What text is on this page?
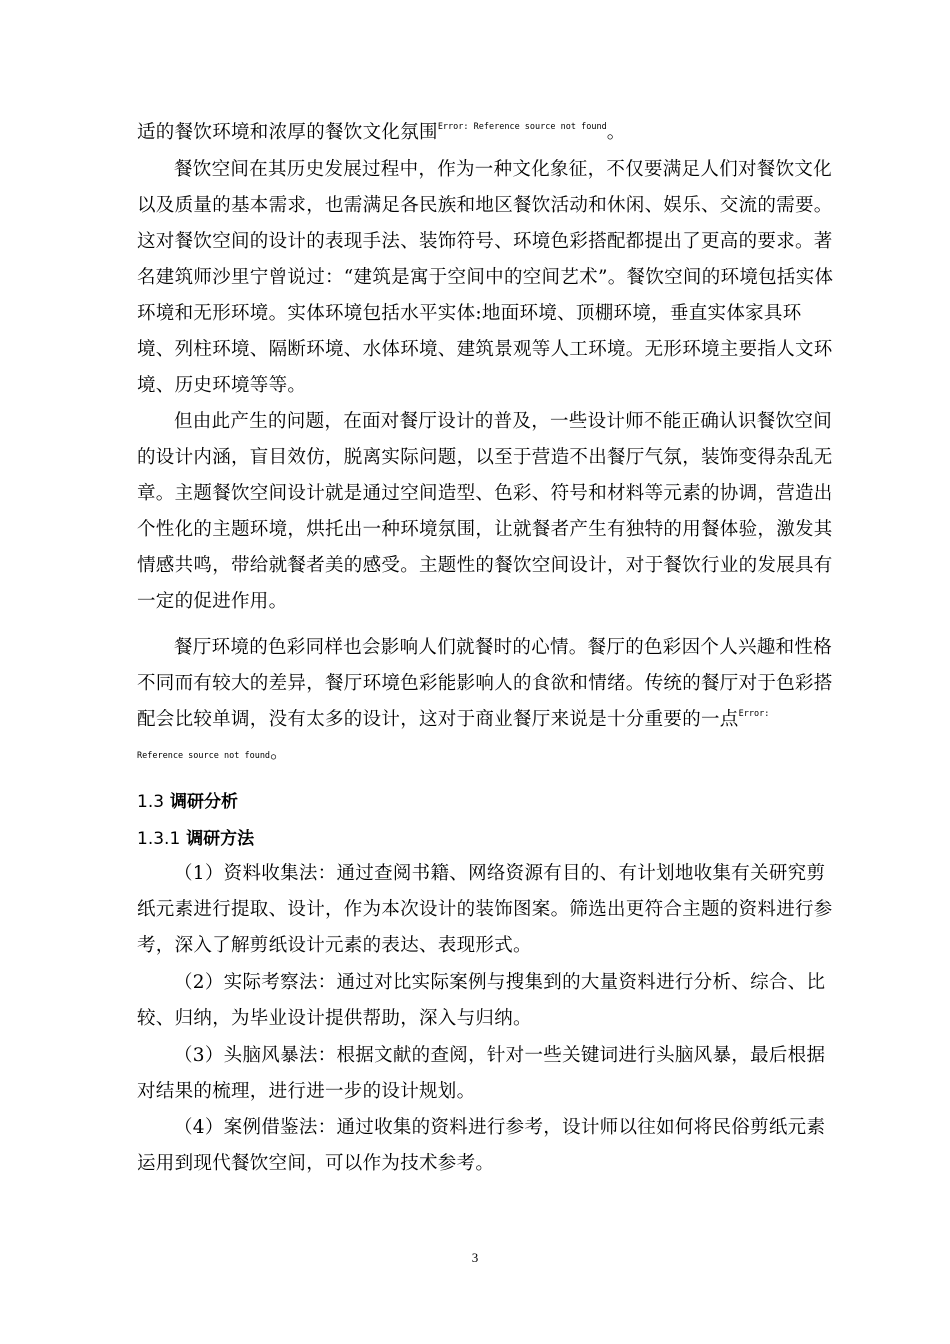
适的餐饮环境和浓厚的餐饮文化氛围$^{Error: Reference source not found}$。

餐饮空间在其历史发展过程中，作为一种文化象征，不仅要满足人们对餐饮文化以及质量的基本需求，也需满足各民族和地区餐饮活动和休闲、娱乐、交流的需要。这对餐饮空间的设计的表现手法、装饰符号、环境色彩搭配都提出了更高的要求。著名建筑师沙里宁曾说过：“建筑是寓于空间中的空间艺术”。餐饮空间的环境包括实体环境和无形环境。实体环境包括水平实体:地面环境、顶棚环境，垂直实体家具环境、列柱环境、隔断环境、水体环境、建筑景观等人工环境。无形环境主要指人文环境、历史环境等等。

但由此产生的问题，在面对餐厅设计的普及，一些设计师不能正确认识餐饮空间的设计内涵，盲目效仿，脱离实际问题，以至于营造不出餐厅气氛，装饰变得杂乱无章。主题餐饮空间设计就是通过空间造型、色彩、符号和材料等元素的协调，营造出个性化的主题环境，烘托出一种环境氛围，让就餐者产生有独特的用餐体验，激发其情感共鸣，带给就餐者美的感受。主题性的餐饮空间设计，对于餐饮行业的发展具有一定的促进作用。

餐厅环境的色彩同样也会影响人们就餐时的心情。餐厅的色彩因个人兴趣和性格不同而有较大的差异，餐厅环境色彩能影响人的食欲和情绪。传统的餐厅对于色彩搭配会比较单调，没有太多的设计，这对于商业餐厅来说是十分重要的一点$^{Error:}$

Reference source not found。

1.3 调研分析
1.3.1 调研方法

（1）资料收集法：通过查阅书籍、网络资源有目的、有计划地收集有关研究剪纸元素进行提取、设计，作为本次设计的装饰图案。筛选出更符合主题的资料进行参考，深入了解剪纸设计元素的表达、表现形式。

（2）实际考察法：通过对比实际案例与搜集到的大量资料进行分析、综合、比较、归纳，为毕业设计提供帮助，深入与归纳。

（3）头脑风暴法：根据文献的查阅，针对一些关键词进行头脑风暴，最后根据对结果的梳理，进行进一步的设计规划。

（4）案例借鉴法：通过收集的资料进行参考，设计师以往如何将民俗剪纸元素运用到现代餐饮空间，可以作为技术参考。

3
